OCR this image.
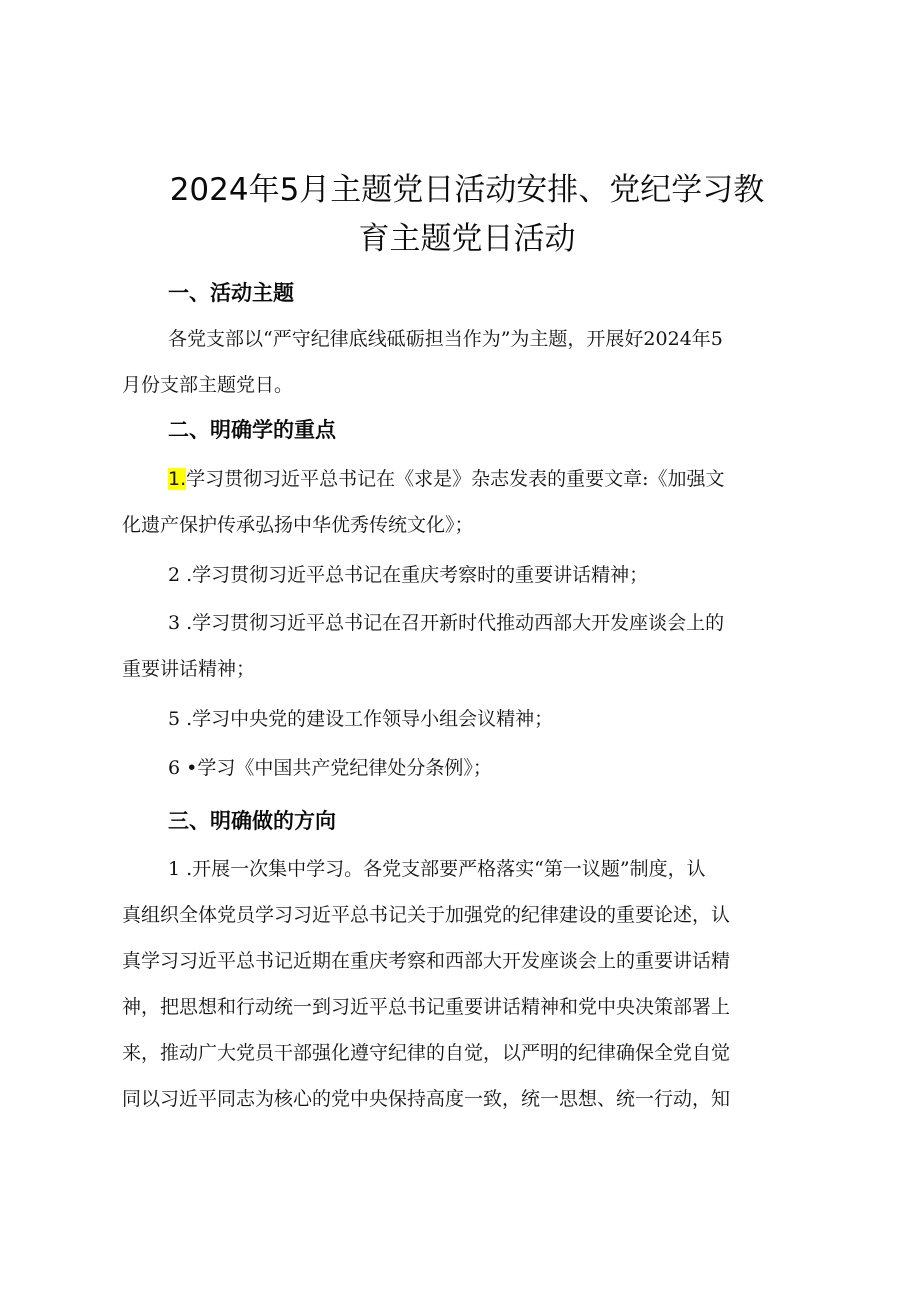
2024年5月主题党日活动安排、党纪学习教
育主题党日活动
一、活动主题
各党支部以“严守纪律底线砥砺担当作为”为主题，开展好2024年5
月份支部主题党日。
二、明确学的重点
1.学习贯彻习近平总书记在《求是》杂志发表的重要文章:《加强文
化遗产保护传承弘扬中华优秀传统文化》；
2 .学习贯彻习近平总书记在重庆考察时的重要讲话精神；
3 .学习贯彻习近平总书记在召开新时代推动西部大开发座谈会上的
重要讲话精神；
5 .学习中央党的建设工作领导小组会议精神；
6 •学习《中国共产党纪律处分条例》；
三、明确做的方向
1 .开展一次集中学习。各党支部要严格落实“第一议题”制度，认
真组织全体党员学习习近平总书记关于加强党的纪律建设的重要论述，认
真学习习近平总书记近期在重庆考察和西部大开发座谈会上的重要讲话精
神，把思想和行动统一到习近平总书记重要讲话精神和党中央决策部署上
来，推动广大党员干部强化遵守纪律的自觉，以严明的纪律确保全党自觉
同以习近平同志为核心的党中央保持高度一致，统一思想、统一行动，知
